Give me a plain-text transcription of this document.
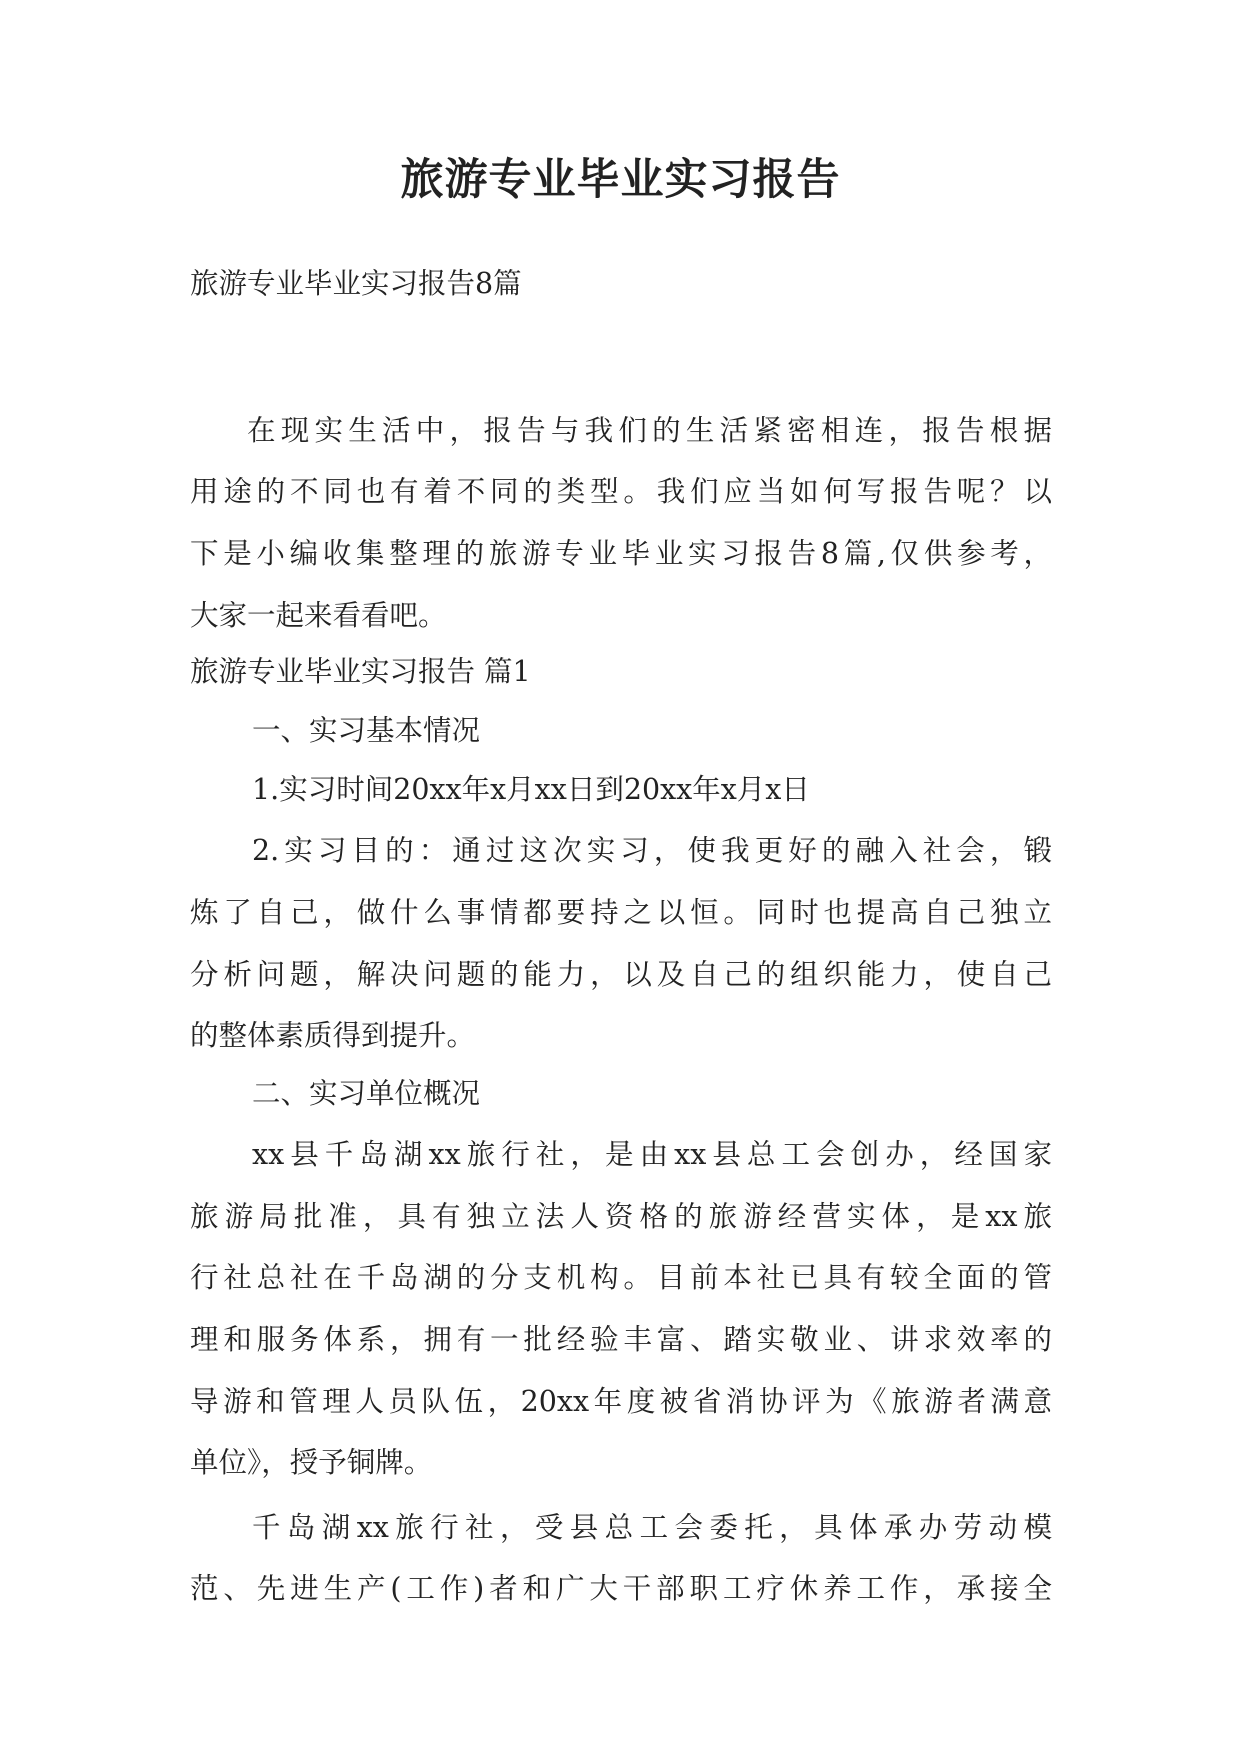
旅游专业毕业实习报告
旅游专业毕业实习报告8篇
在现实生活中，报告与我们的生活紧密相连，报告根据
用途的不同也有着不同的类型。我们应当如何写报告呢？以
下是小编收集整理的旅游专业毕业实习报告8篇,仅供参考，
大家一起来看看吧。
旅游专业毕业实习报告 篇1
一、实习基本情况
1.实习时间20xx年x月xx日到20xx年x月x日
2.实习目的：通过这次实习，使我更好的融入社会，锻
炼了自己，做什么事情都要持之以恒。同时也提高自己独立
分析问题，解决问题的能力，以及自己的组织能力，使自己
的整体素质得到提升。
二、实习单位概况
xx县千岛湖xx旅行社，是由xx县总工会创办，经国家
旅游局批准，具有独立法人资格的旅游经营实体，是xx旅
行社总社在千岛湖的分支机构。目前本社已具有较全面的管
理和服务体系，拥有一批经验丰富、踏实敬业、讲求效率的
导游和管理人员队伍，20xx年度被省消协评为《旅游者满意
单位》，授予铜牌。
千岛湖xx旅行社，受县总工会委托，具体承办劳动模
范、先进生产(工作)者和广大干部职工疗休养工作，承接全
